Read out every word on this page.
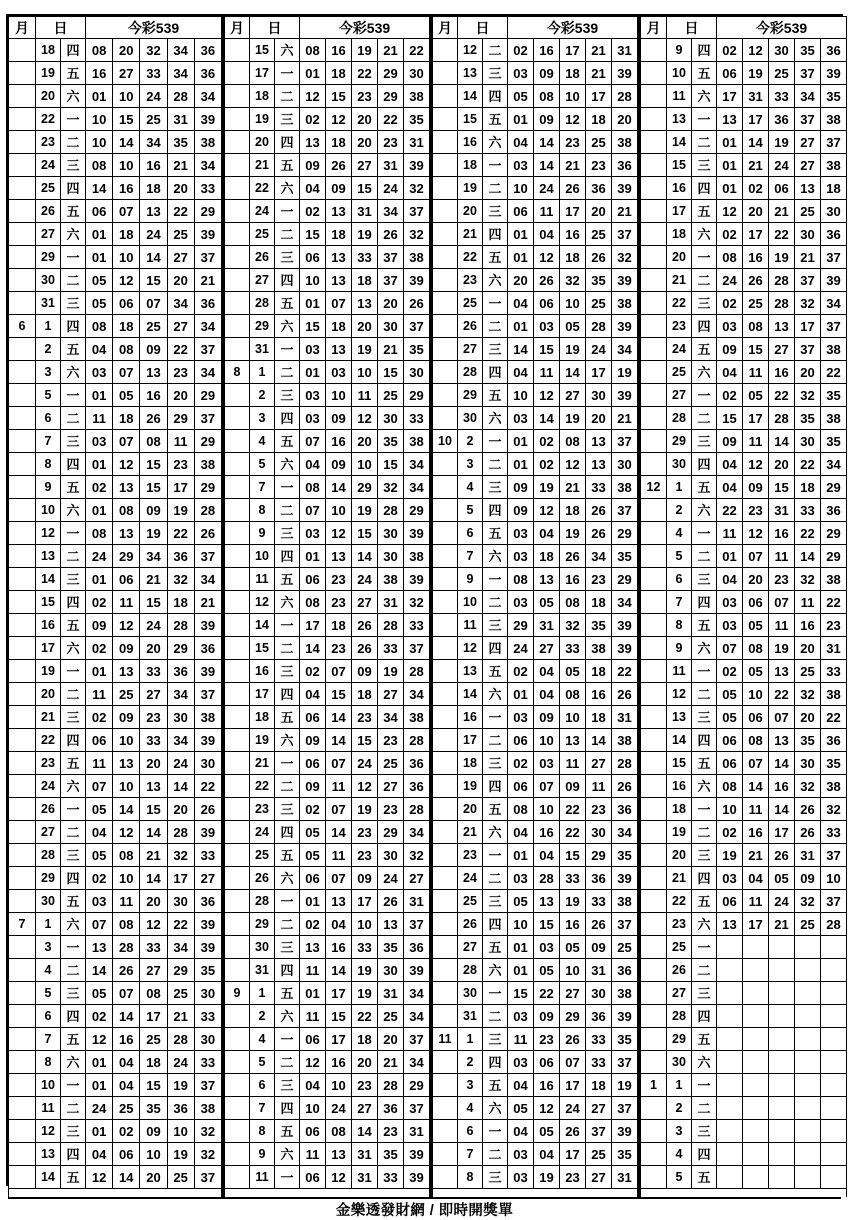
月	日		今彩539				
	18	四	08	20	32	34	36
	19	五	16	27	33	34	36
	20	六	01	10	24	28	34
	22	一	10	15	25	31	39
	23	二	10	14	34	35	38
	24	三	08	10	16	21	34
	25	四	14	16	18	20	33
	26	五	06	07	13	22	29
	27	六	01	18	24	25	39
	29	一	01	10	14	27	37
	30	二	05	12	15	20	21
	31	三	05	06	07	34	36
6	1	四	08	18	25	27	34
	2	五	04	08	09	22	37
	3	六	03	07	13	23	34
	5	一	01	05	16	20	29
	6	二	11	18	26	29	37
	7	三	03	07	08	11	29
	8	四	01	12	15	23	38
	9	五	02	13	15	17	29
	10	六	01	08	09	19	28
	12	一	08	13	19	22	26
	13	二	24	29	34	36	37
	14	三	01	06	21	32	34
	15	四	02	11	15	18	21
	16	五	09	12	24	28	39
	17	六	02	09	20	29	36
	19	一	01	13	33	36	39
	20	二	11	25	27	34	37
	21	三	02	09	23	30	38
	22	四	06	10	33	34	39
	23	五	11	13	20	24	30
	24	六	07	10	13	14	22
	26	一	05	14	15	20	26
	27	二	04	12	14	28	39
	28	三	05	08	21	32	33
	29	四	02	10	14	17	27
	30	五	03	11	20	30	36
7	1	六	07	08	12	22	39
	3	一	13	28	33	34	39
	4	二	14	26	27	29	35
	5	三	05	07	08	25	30
	6	四	02	14	17	21	33
	7	五	12	16	25	28	30
	8	六	01	04	18	24	33
	10	一	01	04	15	19	37
	11	二	24	25	35	36	38
	12	三	01	02	09	10	32
	13	四	04	06	10	19	32
	14	五	12	14	20	25	37

月	日		今彩539				
	15	六	08	16	19	21	22
	17	一	01	18	22	29	30
	18	二	12	15	23	29	38
	19	三	02	12	20	22	35
	20	四	13	18	20	23	31
	21	五	09	26	27	31	39
	22	六	04	09	15	24	32
	24	一	02	13	31	34	37
	25	二	15	18	19	26	32
	26	三	06	13	33	37	38
	27	四	10	13	18	37	39
	28	五	01	07	13	20	26
	29	六	15	18	20	30	37
	31	一	03	13	19	21	35
8	1	二	01	03	10	15	30
	2	三	03	10	11	25	29
	3	四	03	09	12	30	33
	4	五	07	16	20	35	38
	5	六	04	09	10	15	34
	7	一	08	14	29	32	34
	8	二	07	10	19	28	29
	9	三	03	12	15	30	39
	10	四	01	13	14	30	38
	11	五	06	23	24	38	39
	12	六	08	23	27	31	32
	14	一	17	18	26	28	33
	15	二	14	23	26	33	37
	16	三	02	07	09	19	28
	17	四	04	15	18	27	34
	18	五	06	14	23	34	38
	19	六	09	14	15	23	28
	21	一	06	07	24	25	36
	22	二	09	11	12	27	36
	23	三	02	07	19	23	28
	24	四	05	14	23	29	34
	25	五	05	11	23	30	32
	26	六	06	07	09	24	27
	28	一	01	13	17	26	31
	29	二	02	04	10	13	37
	30	三	13	16	33	35	36
	31	四	11	14	19	30	39
9	1	五	01	17	19	31	34
	2	六	11	15	22	25	34
	4	一	06	17	18	20	37
	5	二	12	16	20	21	34
	6	三	04	10	23	28	29
	7	四	10	24	27	36	37
	8	五	06	08	14	23	31
	9	六	11	13	31	35	39
	11	一	06	12	31	33	39

月	日		今彩539				
	12	二	02	16	17	21	31
	13	三	03	09	18	21	39
	14	四	05	08	10	17	28
	15	五	01	09	12	18	20
	16	六	04	14	23	25	38
	18	一	03	14	21	23	36
	19	二	10	24	26	36	39
	20	三	06	11	17	20	21
	21	四	01	04	16	25	37
	22	五	01	12	18	26	32
	23	六	20	26	32	35	39
	25	一	04	06	10	25	38
	26	二	01	03	05	28	39
	27	三	14	15	19	24	34
	28	四	04	11	14	17	19
	29	五	10	12	27	30	39
	30	六	03	14	19	20	21
10	2	一	01	02	08	13	37
	3	二	01	02	12	13	30
	4	三	09	19	21	33	38
	5	四	09	12	18	26	37
	6	五	03	04	19	26	29
	7	六	03	18	26	34	35
	9	一	08	13	16	23	29
	10	二	03	05	08	18	34
	11	三	29	31	32	35	39
	12	四	24	27	33	38	39
	13	五	02	04	05	18	22
	14	六	01	04	08	16	26
	16	一	03	09	10	18	31
	17	二	06	10	13	14	38
	18	三	02	03	11	27	28
	19	四	06	07	09	11	26
	20	五	08	10	22	23	36
	21	六	04	16	22	30	34
	23	一	01	04	15	29	35
	24	二	03	28	33	36	39
	25	三	05	13	19	33	38
	26	四	10	15	16	26	37
	27	五	01	03	05	09	25
	28	六	01	05	10	31	36
	30	一	15	22	27	30	38
	31	二	03	09	29	36	39
11	1	三	11	23	26	33	35
	2	四	03	06	07	33	37
	3	五	04	16	17	18	19
	4	六	05	12	24	27	37
	6	一	04	05	26	37	39
	7	二	03	04	17	25	35
	8	三	03	19	23	27	31

月	日		今彩539				
	9	四	02	12	30	35	36
	10	五	06	19	25	37	39
	11	六	17	31	33	34	35
	13	一	13	17	36	37	38
	14	二	01	14	19	27	37
	15	三	01	21	24	27	38
	16	四	01	02	06	13	18
	17	五	12	20	21	25	30
	18	六	02	17	22	30	36
	20	一	08	16	19	21	37
	21	二	24	26	28	37	39
	22	三	02	25	28	32	34
	23	四	03	08	13	17	37
	24	五	09	15	27	37	38
	25	六	04	11	16	20	22
	27	一	02	05	22	32	35
	28	二	15	17	28	35	38
	29	三	09	11	14	30	35
	30	四	04	12	20	22	34
12	1	五	04	09	15	18	29
	2	六	22	23	31	33	36
	4	一	11	12	16	22	29
	5	二	01	07	11	14	29
	6	三	04	20	23	32	38
	7	四	03	06	07	11	22
	8	五	03	05	11	16	23
	9	六	07	08	19	20	31
	11	一	02	05	13	25	33
	12	二	05	10	22	32	38
	13	三	05	06	07	20	22
	14	四	06	08	13	35	36
	15	五	06	07	14	30	35
	16	六	08	14	16	32	38
	18	一	10	11	14	26	32
	19	二	02	16	17	26	33
	20	三	19	21	26	31	37
	21	四	03	04	05	09	10
	22	五	06	11	24	32	37
	23	六	13	17	21	25	28
	25	一					
	26	二					
	27	三					
	28	四					
	29	五					
	30	六					
1	1	一					
	2	二					
	3	三					
	4	四					
	5	五					

金樂透發財網 / 即時開獎單
